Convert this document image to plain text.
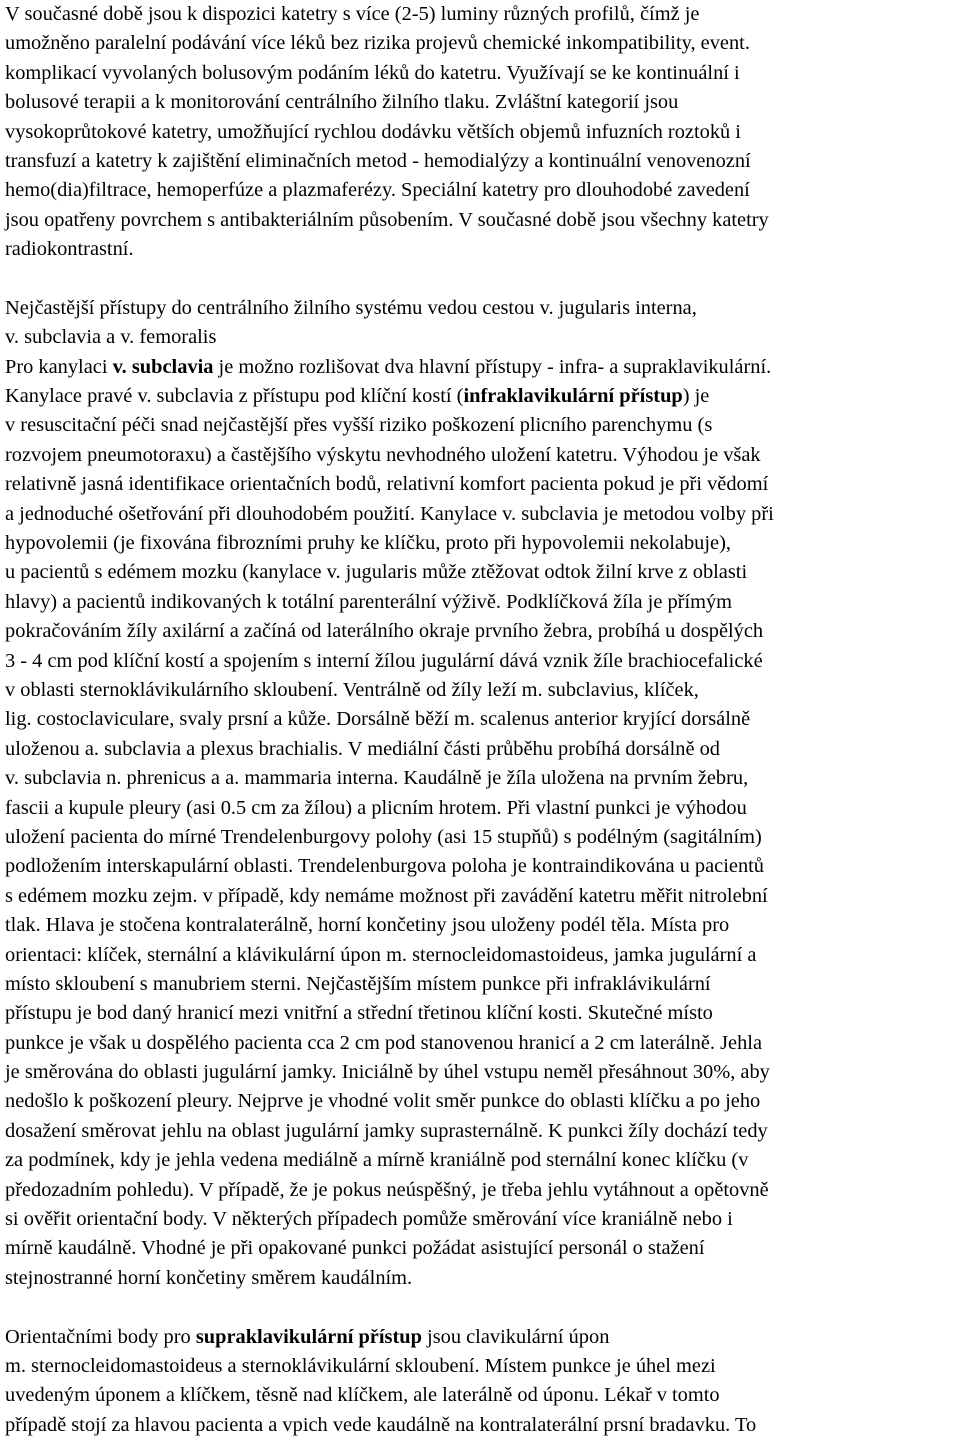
V současné době jsou k dispozici katetry s více (2-5) luminy různých profilů, čímž je
umožněno paralelní podávání více léků bez rizika projevů chemické inkompatibility, event.
komplikací vyvolaných bolusovým podáním léků do katetru. Využívají se ke kontinuální i
bolusové terapii a k monitorování centrálního žilního tlaku. Zvláštní kategorií jsou
vysokoprůtokové katetry, umožňující rychlou dodávku větších objemů infuzních roztoků i
transfuzí a katetry k zajištění eliminačních metod - hemodialýzy a kontinuální venovenozní
hemo(dia)filtrace, hemoperfúze a plazmaferézy. Speciální katetry pro dlouhodobé zavedení
jsou opatřeny povrchem s antibakteriálním působením. V současné době jsou všechny katetry
radiokontrastní.
Nejčastější přístupy do centrálního žilního systému vedou cestou v. jugularis interna,
v. subclavia a v. femoralis
Pro kanylaci v. subclavia je možno rozlišovat dva hlavní přístupy - infra- a supraklavikulární.
Kanylace pravé v. subclavia z přístupu pod klíční kostí (infraklavikulární přístup) je
v resuscitační péči snad nejčastější přes vyšší riziko poškození plicního parenchymu (s
rozvojem pneumotoraxu) a častějšího výskytu nevhodného uložení katetru. Výhodou je však
relativně jasná identifikace orientačních bodů, relativní komfort pacienta pokud je při vědomí
a jednoduché ošetřování při dlouhodobém použití. Kanylace v. subclavia je metodou volby při
hypovolemii (je fixována fibrozními pruhy ke klíčku, proto při hypovolemii nekolabuje),
u pacientů s edémem mozku (kanylace v. jugularis může ztěžovat odtok žilní krve z oblasti
hlavy) a pacientů indikovaných k totální parenterální výživě. Podklíčková žíla je přímým
pokračováním žíly axilární a začíná od laterálního okraje prvního žebra, probíhá u dospělých
3 - 4 cm pod klíční kostí a spojením s interní žílou jugulární dává vznik žíle brachiocefalické
v oblasti sternoklávikulárního skloubení. Ventrálně od žíly leží m. subclavius, klíček,
lig. costoclaviculare, svaly prsní a kůže. Dorsálně běží m. scalenus anterior kryjící dorsálně
uloženou a. subclavia a plexus brachialis. V mediální části průběhu probíhá dorsálně od
v. subclavia n. phrenicus a a. mammaria interna. Kaudálně je žíla uložena na prvním žebru,
fascii a kupule pleury (asi 0.5 cm za žílou) a plicním hrotem. Při vlastní punkci je výhodou
uložení pacienta do mírné Trendelenburgovy polohy (asi 15 stupňů) s podélným (sagitálním)
podložením interskapulární oblasti. Trendelenburgova poloha je kontraindikována u pacientů
s edémem mozku zejm. v případě, kdy nemáme možnost při zavádění katetru měřit nitrolební
tlak. Hlava je stočena kontralaterálně, horní končetiny jsou uloženy podél těla. Místa pro
orientaci: klíček, sternální a klávikulární úpon m. sternocleidomastoideus, jamka jugulární a
místo skloubení s manubriem sterni. Nejčastějším místem punkce při infraklávikulární
přístupu je bod daný hranicí mezi vnitřní a střední třetinou klíční kosti. Skutečné místo
punkce je však u dospělého pacienta cca 2 cm pod stanovenou hranicí a 2 cm laterálně. Jehla
je směrována do oblasti jugulární jamky. Iniciálně by úhel vstupu neměl přesáhnout 30%, aby
nedošlo k poškození pleury. Nejprve je vhodné volit směr punkce do oblasti klíčku a po jeho
dosažení směrovat jehlu na oblast jugulární jamky suprasternálně. K punkci žíly dochází tedy
za podmínek, kdy je jehla vedena mediálně a mírně kraniálně pod sternální konec klíčku (v
předozadním pohledu). V případě, že je pokus neúspěšný, je třeba jehlu vytáhnout a opětovně
si ověřit orientační body. V některých případech pomůže směrování více kraniálně nebo i
mírně kaudálně. Vhodné je při opakované punkci požádat asistující personál o stažení
stejnostranné horní končetiny směrem kaudálním.
Orientačními body pro supraklavikulární přístup jsou clavikulární úpon
m. sternocleidomastoideus a sternoklávikulární skloubení. Místem punkce je úhel mezi
uvedeným úponem a klíčkem, těsně nad klíčkem, ale laterálně od úponu. Lékař v tomto
případě stojí za hlavou pacienta a vpich vede kaudálně na kontralaterální prsní bradavku. To
